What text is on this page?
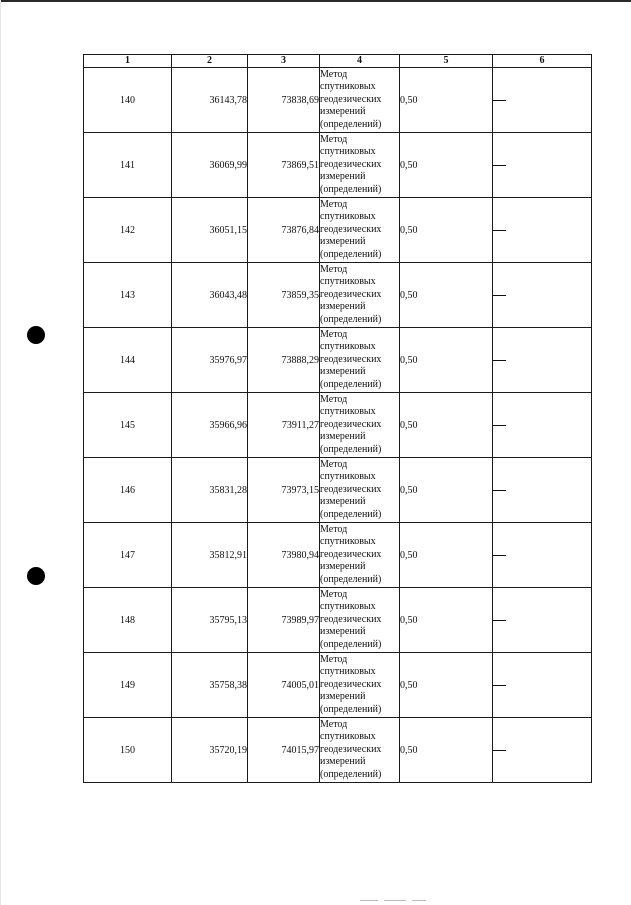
1	2	3	4	5	6
140	36143,78	73838,69	Метод
спутниковых
геодезических
измерений
(определений)	0,50	
141	36069,99	73869,51	Метод
спутниковых
геодезических
измерений
(определений)	0,50	
142	36051,15	73876,84	Метод
спутниковых
геодезических
измерений
(определений)	0,50	
143	36043,48	73859,35	Метод
спутниковых
геодезических
измерений
(определений)	0,50	
144	35976,97	73888,29	Метод
спутниковых
геодезических
измерений
(определений)	0,50	
145	35966,96	73911,27	Метод
спутниковых
геодезических
измерений
(определений)	0,50	
146	35831,28	73973,15	Метод
спутниковых
геодезических
измерений
(определений)	0,50	
147	35812,91	73980,94	Метод
спутниковых
геодезических
измерений
(определений)	0,50	
148	35795,13	73989,97	Метод
спутниковых
геодезических
измерений
(определений)	0,50	
149	35758,38	74005,01	Метод
спутниковых
геодезических
измерений
(определений)	0,50	
150	35720,19	74015,97	Метод
спутниковых
геодезических
измерений
(определений)	0,50	
